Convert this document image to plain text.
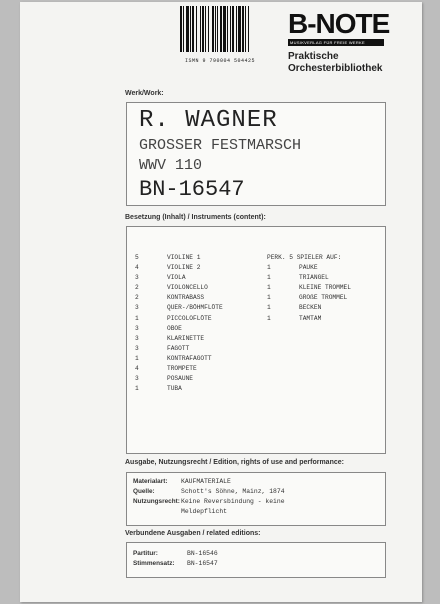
ISMN 9 790004 504425
B-NOTE
MUSIKVERLAG FÜR FREIE WERKE
Praktische
Orchesterbibliothek
Werk/Work:
R. WAGNER
GROSSER FESTMARSCH
WWV 110
BN-16547
Besetzung (Inhalt) / Instruments (content):
5	VIOLINE 1
4	VIOLINE 2
3	VIOLA
2	VIOLONCELLO
2	KONTRABASS
3	QUER-/BÖHMFLÖTE
1	PICCOLOFLÖTE
3	OBOE
3	KLARINETTE
3	FAGOTT
1	KONTRAFAGOTT
4	TROMPETE
3	POSAUNE
1	TUBA
PERK. 5 SPIELER AUF:
1	PAUKE
1	TRIANGEL
1	KLEINE TROMMEL
1	GROßE TROMMEL
1	BECKEN
1	TAMTAM
Ausgabe, Nutzungsrecht / Edition, rights of use and performance:
Materialart: KAUFMATERIALE
Quelle:	Schott's Söhne, Mainz, 1874
Nutzungsrecht: Keine Reversbindung - keine
Meldepflicht
Verbundene Ausgaben / related editions:
Partitur:	BN-16546
Stimmensatz: BN-16547
